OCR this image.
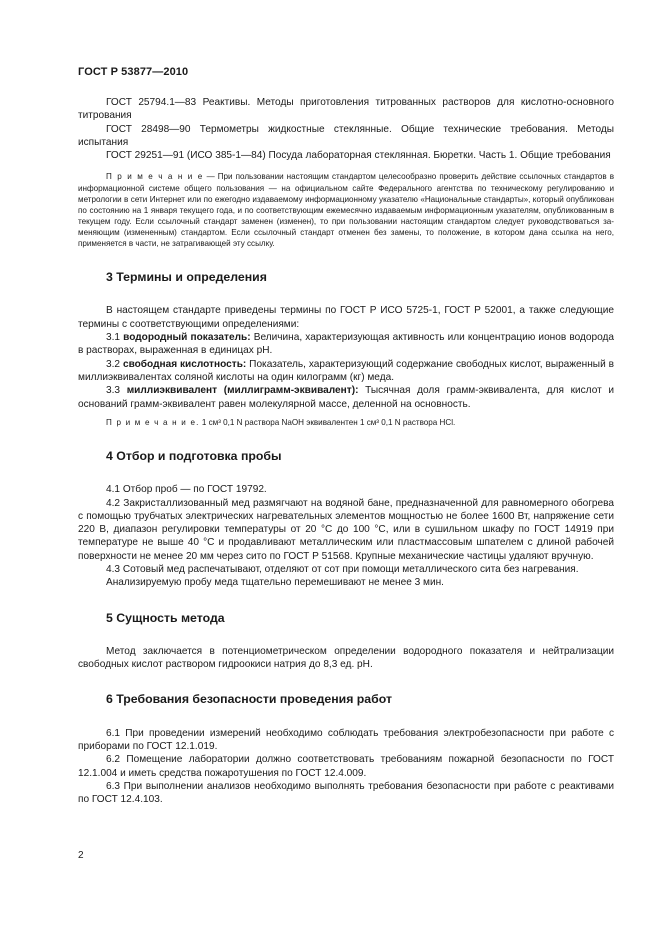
ГОСТ Р 53877—2010

ГОСТ 25794.1—83 Реактивы. Методы приготовления титрованных растворов для кислотно-основного титрования

ГОСТ 28498—90 Термометры жидкостные стеклянные. Общие технические требования. Методы испытания

ГОСТ 29251—91 (ИСО 385-1—84) Посуда лабораторная стеклянная. Бюретки. Часть 1. Общие требования

П р и м е ч а н и е — При пользовании настоящим стандартом целесообразно проверить действие ссылочных стандартов в информационной системе общего пользования — на официальном сайте Федерального агентства по техническому регулированию и метрологии в сети Интернет или по ежегодно издаваемому информационному указателю «Национальные стандарты», который опубликован по состоянию на 1 января текущего года, и по соответствующим ежемесячно издаваемым информационным указателям, опубликованным в текущем году. Если ссылочный стандарт заменен (изменен), то при пользовании настоящим стандартом следует руководствоваться заменяющим (измененным) стандартом. Если ссылочный стандарт отменен без замены, то положение, в котором дана ссылка на него, применяется в части, не затрагивающей эту ссылку.

3 Термины и определения

В настоящем стандарте приведены термины по ГОСТ Р ИСО 5725-1, ГОСТ Р 52001, а также следующие термины с соответствующими определениями:

3.1 водородный показатель: Величина, характеризующая активность или концентрацию ионов водорода в растворах, выраженная в единицах pH.

3.2 свободная кислотность: Показатель, характеризующий содержание свободных кислот, выраженный в миллиэквивалентах соляной кислоты на один килограмм (кг) меда.

3.3 миллиэквивалент (миллиграмм-эквивалент): Тысячная доля грамм-эквивалента, для кислот и оснований грамм-эквивалент равен молекулярной массе, деленной на основность.

П р и м е ч а н и е. 1 см³ 0,1 N раствора NaOH эквивалентен 1 см³ 0,1 N раствора HCl.

4 Отбор и подготовка пробы

4.1 Отбор проб — по ГОСТ 19792.

4.2 Закристаллизованный мед размягчают на водяной бане, предназначенной для равномерного обогрева с помощью трубчатых электрических нагревательных элементов мощностью не более 1600 Вт, напряжение сети 220 В, диапазон регулировки температуры от 20 °С до 100 °С, или в сушильном шкафу по ГОСТ 14919 при температуре не выше 40 °С и продавливают металлическим или пластмассовым шпателем с длиной рабочей поверхности не менее 20 мм через сито по ГОСТ Р 51568. Крупные механические частицы удаляют вручную.

4.3 Сотовый мед распечатывают, отделяют от сот при помощи металлического сита без нагревания.

Анализируемую пробу меда тщательно перемешивают не менее 3 мин.

5 Сущность метода

Метод заключается в потенциометрическом определении водородного показателя и нейтрализации свободных кислот раствором гидроокиси натрия до 8,3 ед. pH.

6 Требования безопасности проведения работ

6.1 При проведении измерений необходимо соблюдать требования электробезопасности при работе с приборами по ГОСТ 12.1.019.

6.2 Помещение лаборатории должно соответствовать требованиям пожарной безопасности по ГОСТ 12.1.004 и иметь средства пожаротушения по ГОСТ 12.4.009.

6.3 При выполнении анализов необходимо выполнять требования безопасности при работе с реактивами по ГОСТ 12.4.103.

2
